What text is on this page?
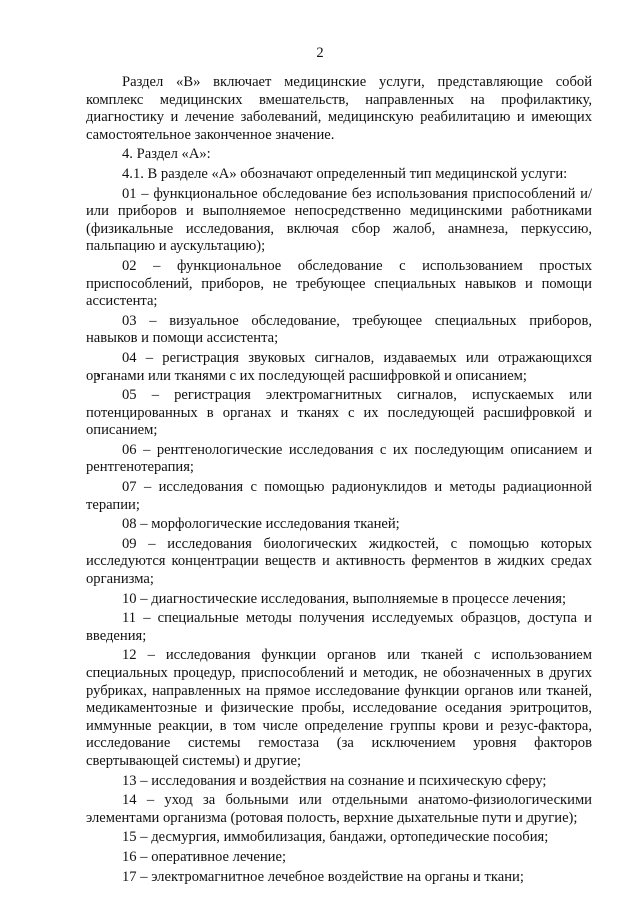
2

Раздел «В» включает медицинские услуги, представляющие собой комплекс медицинских вмешательств, направленных на профилактику, диагностику и лечение заболеваний, медицинскую реабилитацию и имеющих самостоятельное законченное значение.

4. Раздел «А»:

4.1. В разделе «А» обозначают определенный тип медицинской услуги:

01 – функциональное обследование без использования приспособлений и/или приборов и выполняемое непосредственно медицинскими работниками (физикальные исследования, включая сбор жалоб, анамнеза, перкуссию, пальпацию и аускультацию);

02 – функциональное обследование с использованием простых приспособлений, приборов, не требующее специальных навыков и помощи ассистента;

03 – визуальное обследование, требующее специальных приборов, навыков и помощи ассистента;

04 – регистрация звуковых сигналов, издаваемых или отражающихся органами или тканями с их последующей расшифровкой и описанием;

05 – регистрация электромагнитных сигналов, испускаемых или потенцированных в органах и тканях с их последующей расшифровкой и описанием;

06 – рентгенологические исследования с их последующим описанием и рентгенотерапия;

07 – исследования с помощью радионуклидов и методы радиационной терапии;

08 – морфологические исследования тканей;

09 – исследования биологических жидкостей, с помощью которых исследуются концентрации веществ и активность ферментов в жидких средах организма;

10 – диагностические исследования, выполняемые в процессе лечения;

11 – специальные методы получения исследуемых образцов, доступа и введения;

12 – исследования функции органов или тканей с использованием специальных процедур, приспособлений и методик, не обозначенных в других рубриках, направленных на прямое исследование функции органов или тканей, медикаментозные и физические пробы, исследование оседания эритроцитов, иммунные реакции, в том числе определение группы крови и резус-фактора, исследование системы гемостаза (за исключением уровня факторов свертывающей системы) и другие;

13 – исследования и воздействия на сознание и психическую сферу;

14 – уход за больными или отдельными анатомо-физиологическими элементами организма (ротовая полость, верхние дыхательные пути и другие);

15 – десмургия, иммобилизация, бандажи, ортопедические пособия;

16 – оперативное лечение;

17 – электромагнитное лечебное воздействие на органы и ткани;
